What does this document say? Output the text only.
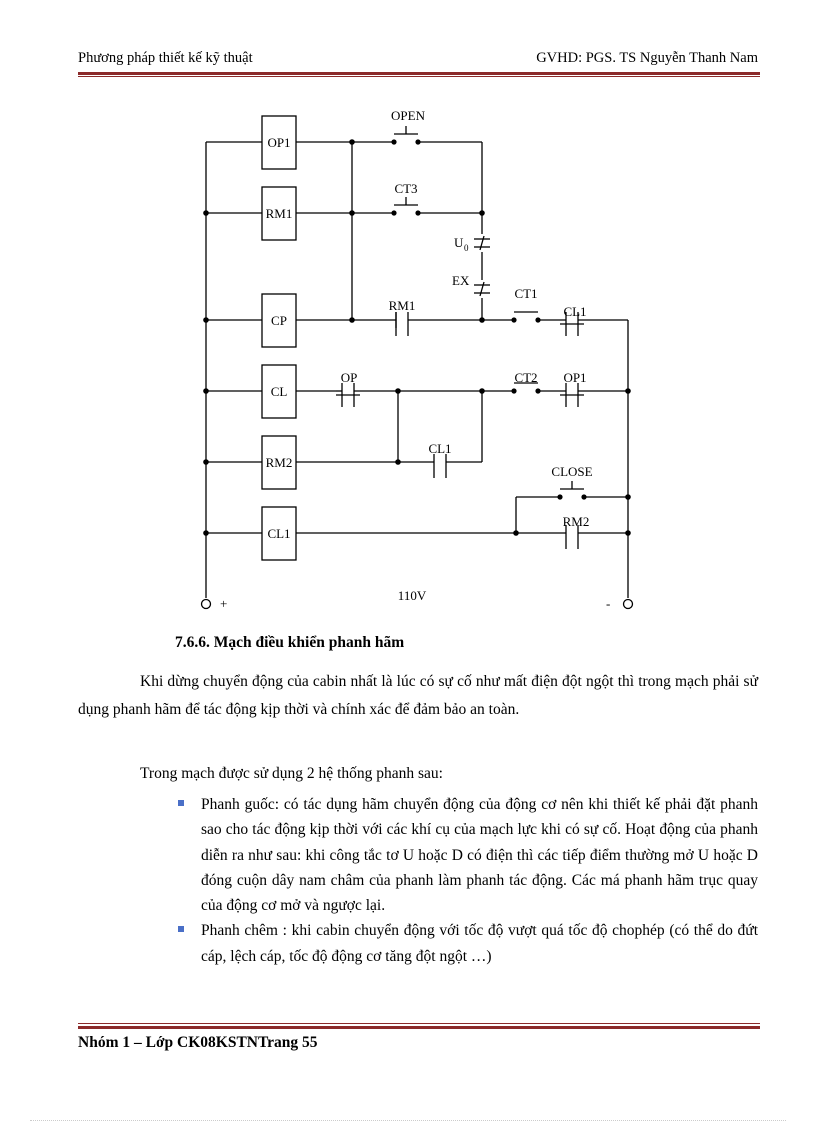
Phương pháp thiết kế kỹ thuật	GVHD: PGS. TS Nguyễn Thanh Nam
OP1
RM1
CP
CL
RM2
CL1
OPEN
CT3
U 0
EX
CT1
CL1
RM1
OP	CT2 OP1
CL1
CLOSE
RM2
110V
+	-
7.6.6. Mạch điều khiển phanh hãm

Khi dừng chuyển động của cabin nhất là lúc có sự cố như mất điện đột ngột thì trong mạch phải sử dụng phanh hãm để tác động kịp thời và chính xác để đảm bảo an toàn.

Trong mạch được sử dụng 2 hệ thống phanh sau:

Phanh guốc: có tác dụng hãm chuyển động của động cơ nên khi thiết kế phải đặt phanh sao cho tác động kịp thời với các khí cụ của mạch lực khi có sự cố. Hoạt động của phanh diễn ra như sau: khi công tắc tơ U hoặc D có điện thì các tiếp điểm thường mở U hoặc D đóng cuộn dây nam châm của phanh làm phanh tác động. Các má phanh hãm trục quay của động cơ mở và ngược lại.
Phanh chêm : khi cabin chuyển động với tốc độ vượt quá tốc độ chophép (có thể do đứt cáp, lệch cáp, tốc độ động cơ tăng đột ngột …)
Nhóm 1 – Lớp CK08KSTNTrang 55
